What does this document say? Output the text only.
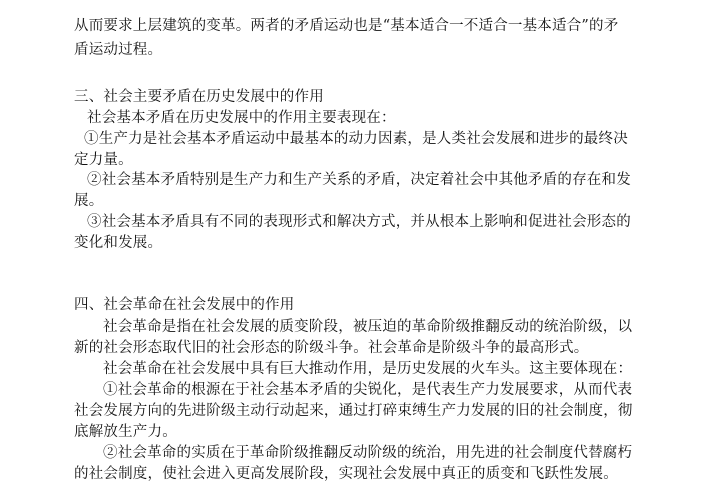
从而要求上层建筑的变革。两者的矛盾运动也是“基本适合一不适合一基本适合”的矛
盾运动过程。
三、社会主要矛盾在历史发展中的作用
社会基本矛盾在历史发展中的作用主要表现在：
①生产力是社会基本矛盾运动中最基本的动力因素，是人类社会发展和进步的最终决
定力量。
②社会基本矛盾特别是生产力和生产关系的矛盾，决定着社会中其他矛盾的存在和发
展。
③社会基本矛盾具有不同的表现形式和解决方式，并从根本上影响和促进社会形态的
变化和发展。
四、社会革命在社会发展中的作用
社会革命是指在社会发展的质变阶段，被压迫的革命阶级推翻反动的统治阶级，以
新的社会形态取代旧的社会形态的阶级斗争。社会革命是阶级斗争的最高形式。
社会革命在社会发展中具有巨大推动作用，是历史发展的火车头。这主要体现在：
①社会革命的根源在于社会基本矛盾的尖锐化，是代表生产力发展要求，从而代表
社会发展方向的先进阶级主动行动起来，通过打碎束缚生产力发展的旧的社会制度，彻
底解放生产力。
②社会革命的实质在于革命阶级推翻反动阶级的统治，用先进的社会制度代替腐朽
的社会制度，使社会进入更高发展阶段，实现社会发展中真正的质变和飞跃性发展。
